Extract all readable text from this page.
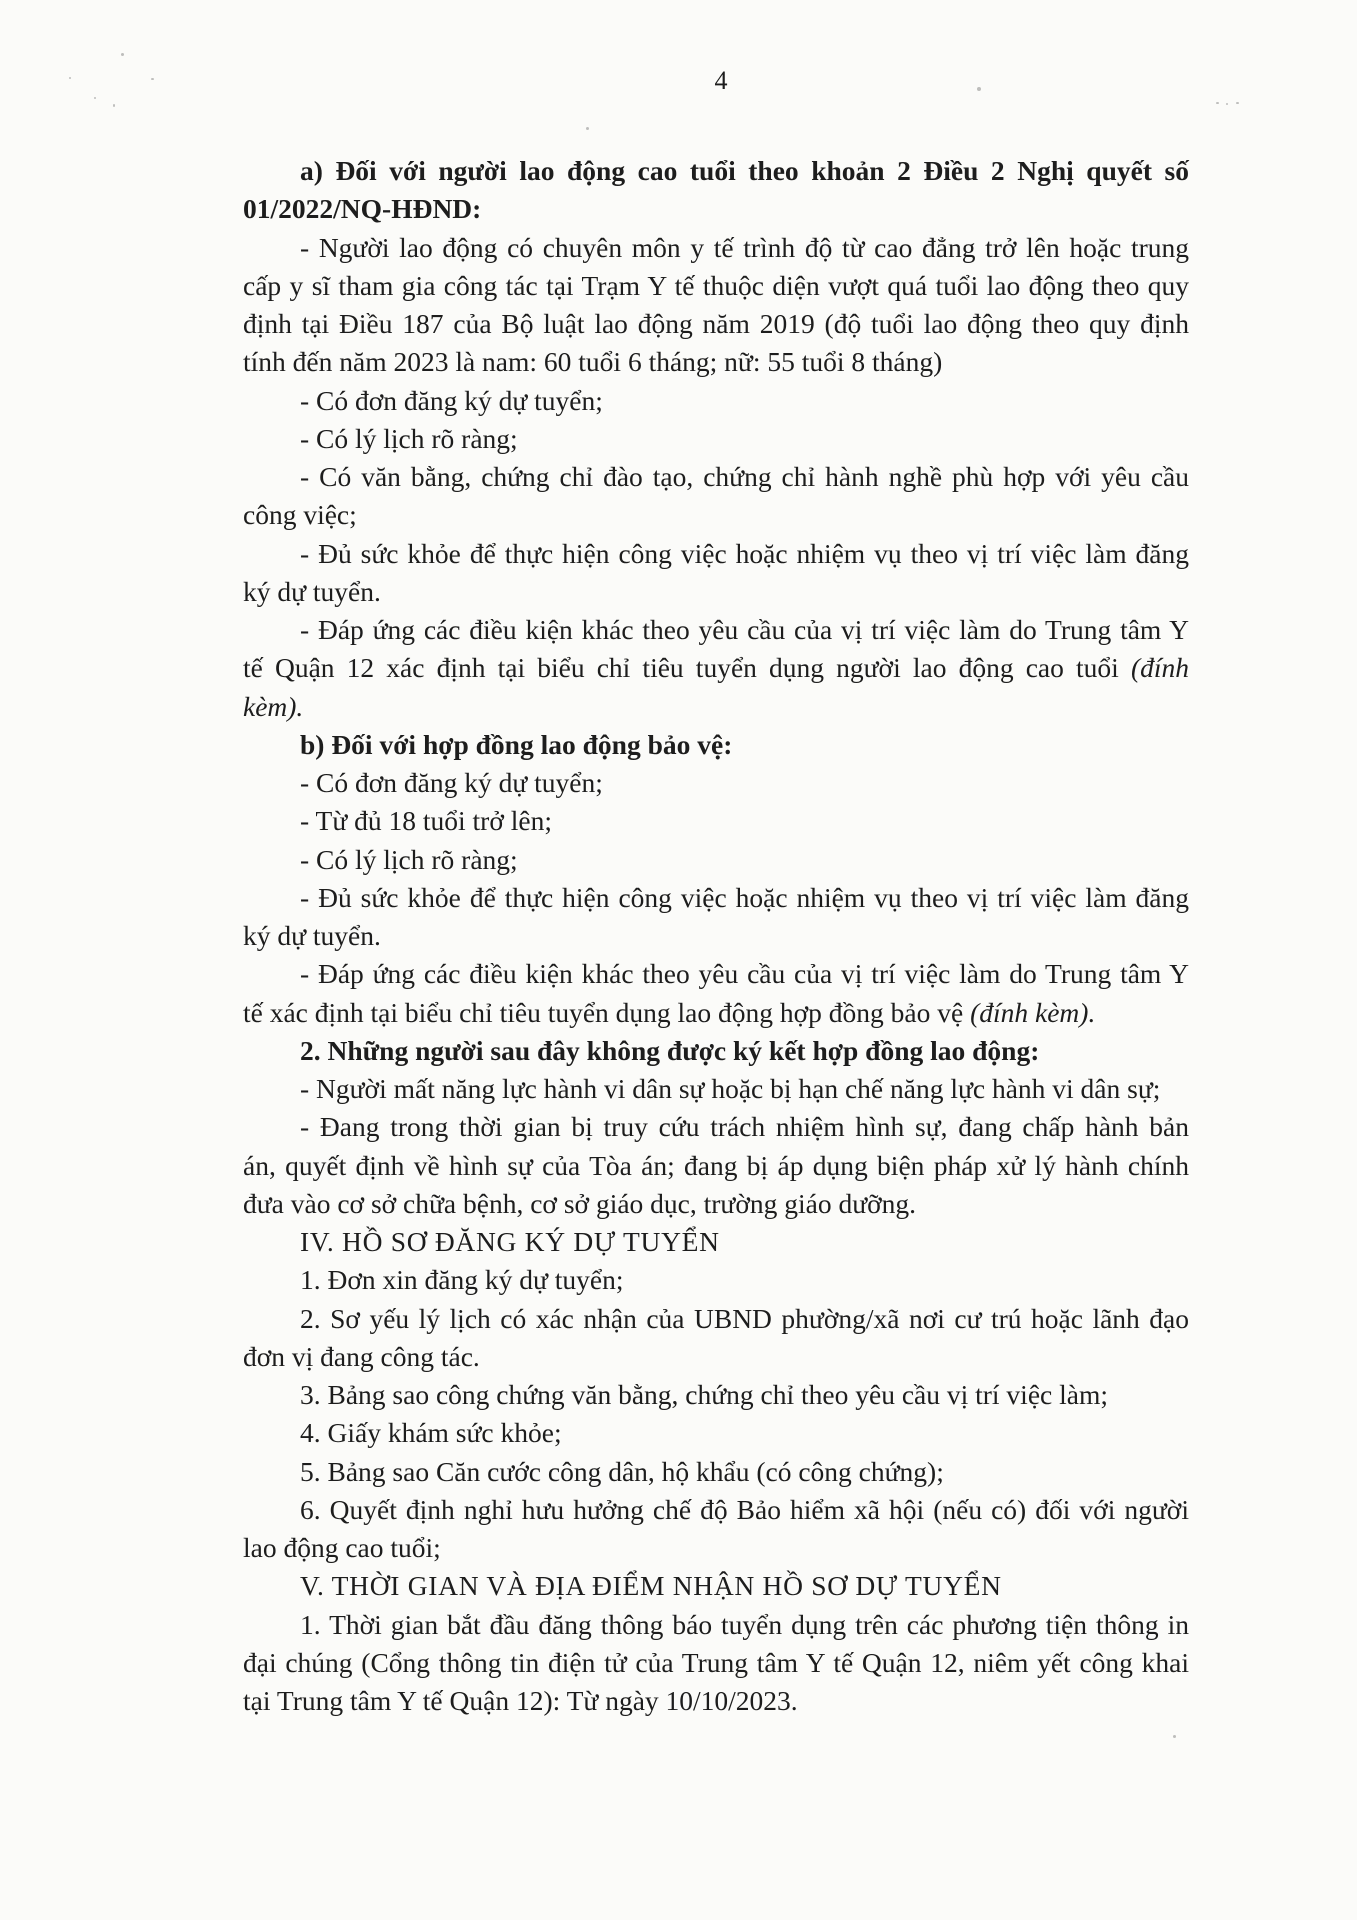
4
a) Đối với người lao động cao tuổi theo khoản 2 Điều 2 Nghị quyết số
01/2022/NQ-HĐND:
- Người lao động có chuyên môn y tế trình độ từ cao đẳng trở lên hoặc trung
cấp y sĩ tham gia công tác tại Trạm Y tế thuộc diện vượt quá tuổi lao động theo quy
định tại Điều 187 của Bộ luật lao động năm 2019 (độ tuổi lao động theo quy định
tính đến năm 2023 là nam: 60 tuổi 6 tháng; nữ: 55 tuổi 8 tháng)
- Có đơn đăng ký dự tuyển;
- Có lý lịch rõ ràng;
- Có văn bằng, chứng chỉ đào tạo, chứng chỉ hành nghề phù hợp với yêu cầu
công việc;
- Đủ sức khỏe để thực hiện công việc hoặc nhiệm vụ theo vị trí việc làm đăng
ký dự tuyển.
- Đáp ứng các điều kiện khác theo yêu cầu của vị trí việc làm do Trung tâm Y
tế Quận 12 xác định tại biểu chỉ tiêu tuyển dụng người lao động cao tuổi (đính
kèm).
b) Đối với hợp đồng lao động bảo vệ:
- Có đơn đăng ký dự tuyển;
- Từ đủ 18 tuổi trở lên;
- Có lý lịch rõ ràng;
- Đủ sức khỏe để thực hiện công việc hoặc nhiệm vụ theo vị trí việc làm đăng
ký dự tuyển.
- Đáp ứng các điều kiện khác theo yêu cầu của vị trí việc làm do Trung tâm Y
tế xác định tại biểu chỉ tiêu tuyển dụng lao động hợp đồng bảo vệ (đính kèm).
2. Những người sau đây không được ký kết hợp đồng lao động:
- Người mất năng lực hành vi dân sự hoặc bị hạn chế năng lực hành vi dân sự;
- Đang trong thời gian bị truy cứu trách nhiệm hình sự, đang chấp hành bản
án, quyết định về hình sự của Tòa án; đang bị áp dụng biện pháp xử lý hành chính
đưa vào cơ sở chữa bệnh, cơ sở giáo dục, trường giáo dưỡng.
IV. HỒ SƠ ĐĂNG KÝ DỰ TUYỂN
1. Đơn xin đăng ký dự tuyển;
2. Sơ yếu lý lịch có xác nhận của UBND phường/xã nơi cư trú hoặc lãnh đạo
đơn vị đang công tác.
3. Bảng sao công chứng văn bằng, chứng chỉ theo yêu cầu vị trí việc làm;
4. Giấy khám sức khỏe;
5. Bảng sao Căn cước công dân, hộ khẩu (có công chứng);
6. Quyết định nghỉ hưu hưởng chế độ Bảo hiểm xã hội (nếu có) đối với người
lao động cao tuổi;
V. THỜI GIAN VÀ ĐỊA ĐIỂM NHẬN HỒ SƠ DỰ TUYỂN
1. Thời gian bắt đầu đăng thông báo tuyển dụng trên các phương tiện thông in
đại chúng (Cổng thông tin điện tử của Trung tâm Y tế Quận 12, niêm yết công khai
tại Trung tâm Y tế Quận 12): Từ ngày 10/10/2023.
